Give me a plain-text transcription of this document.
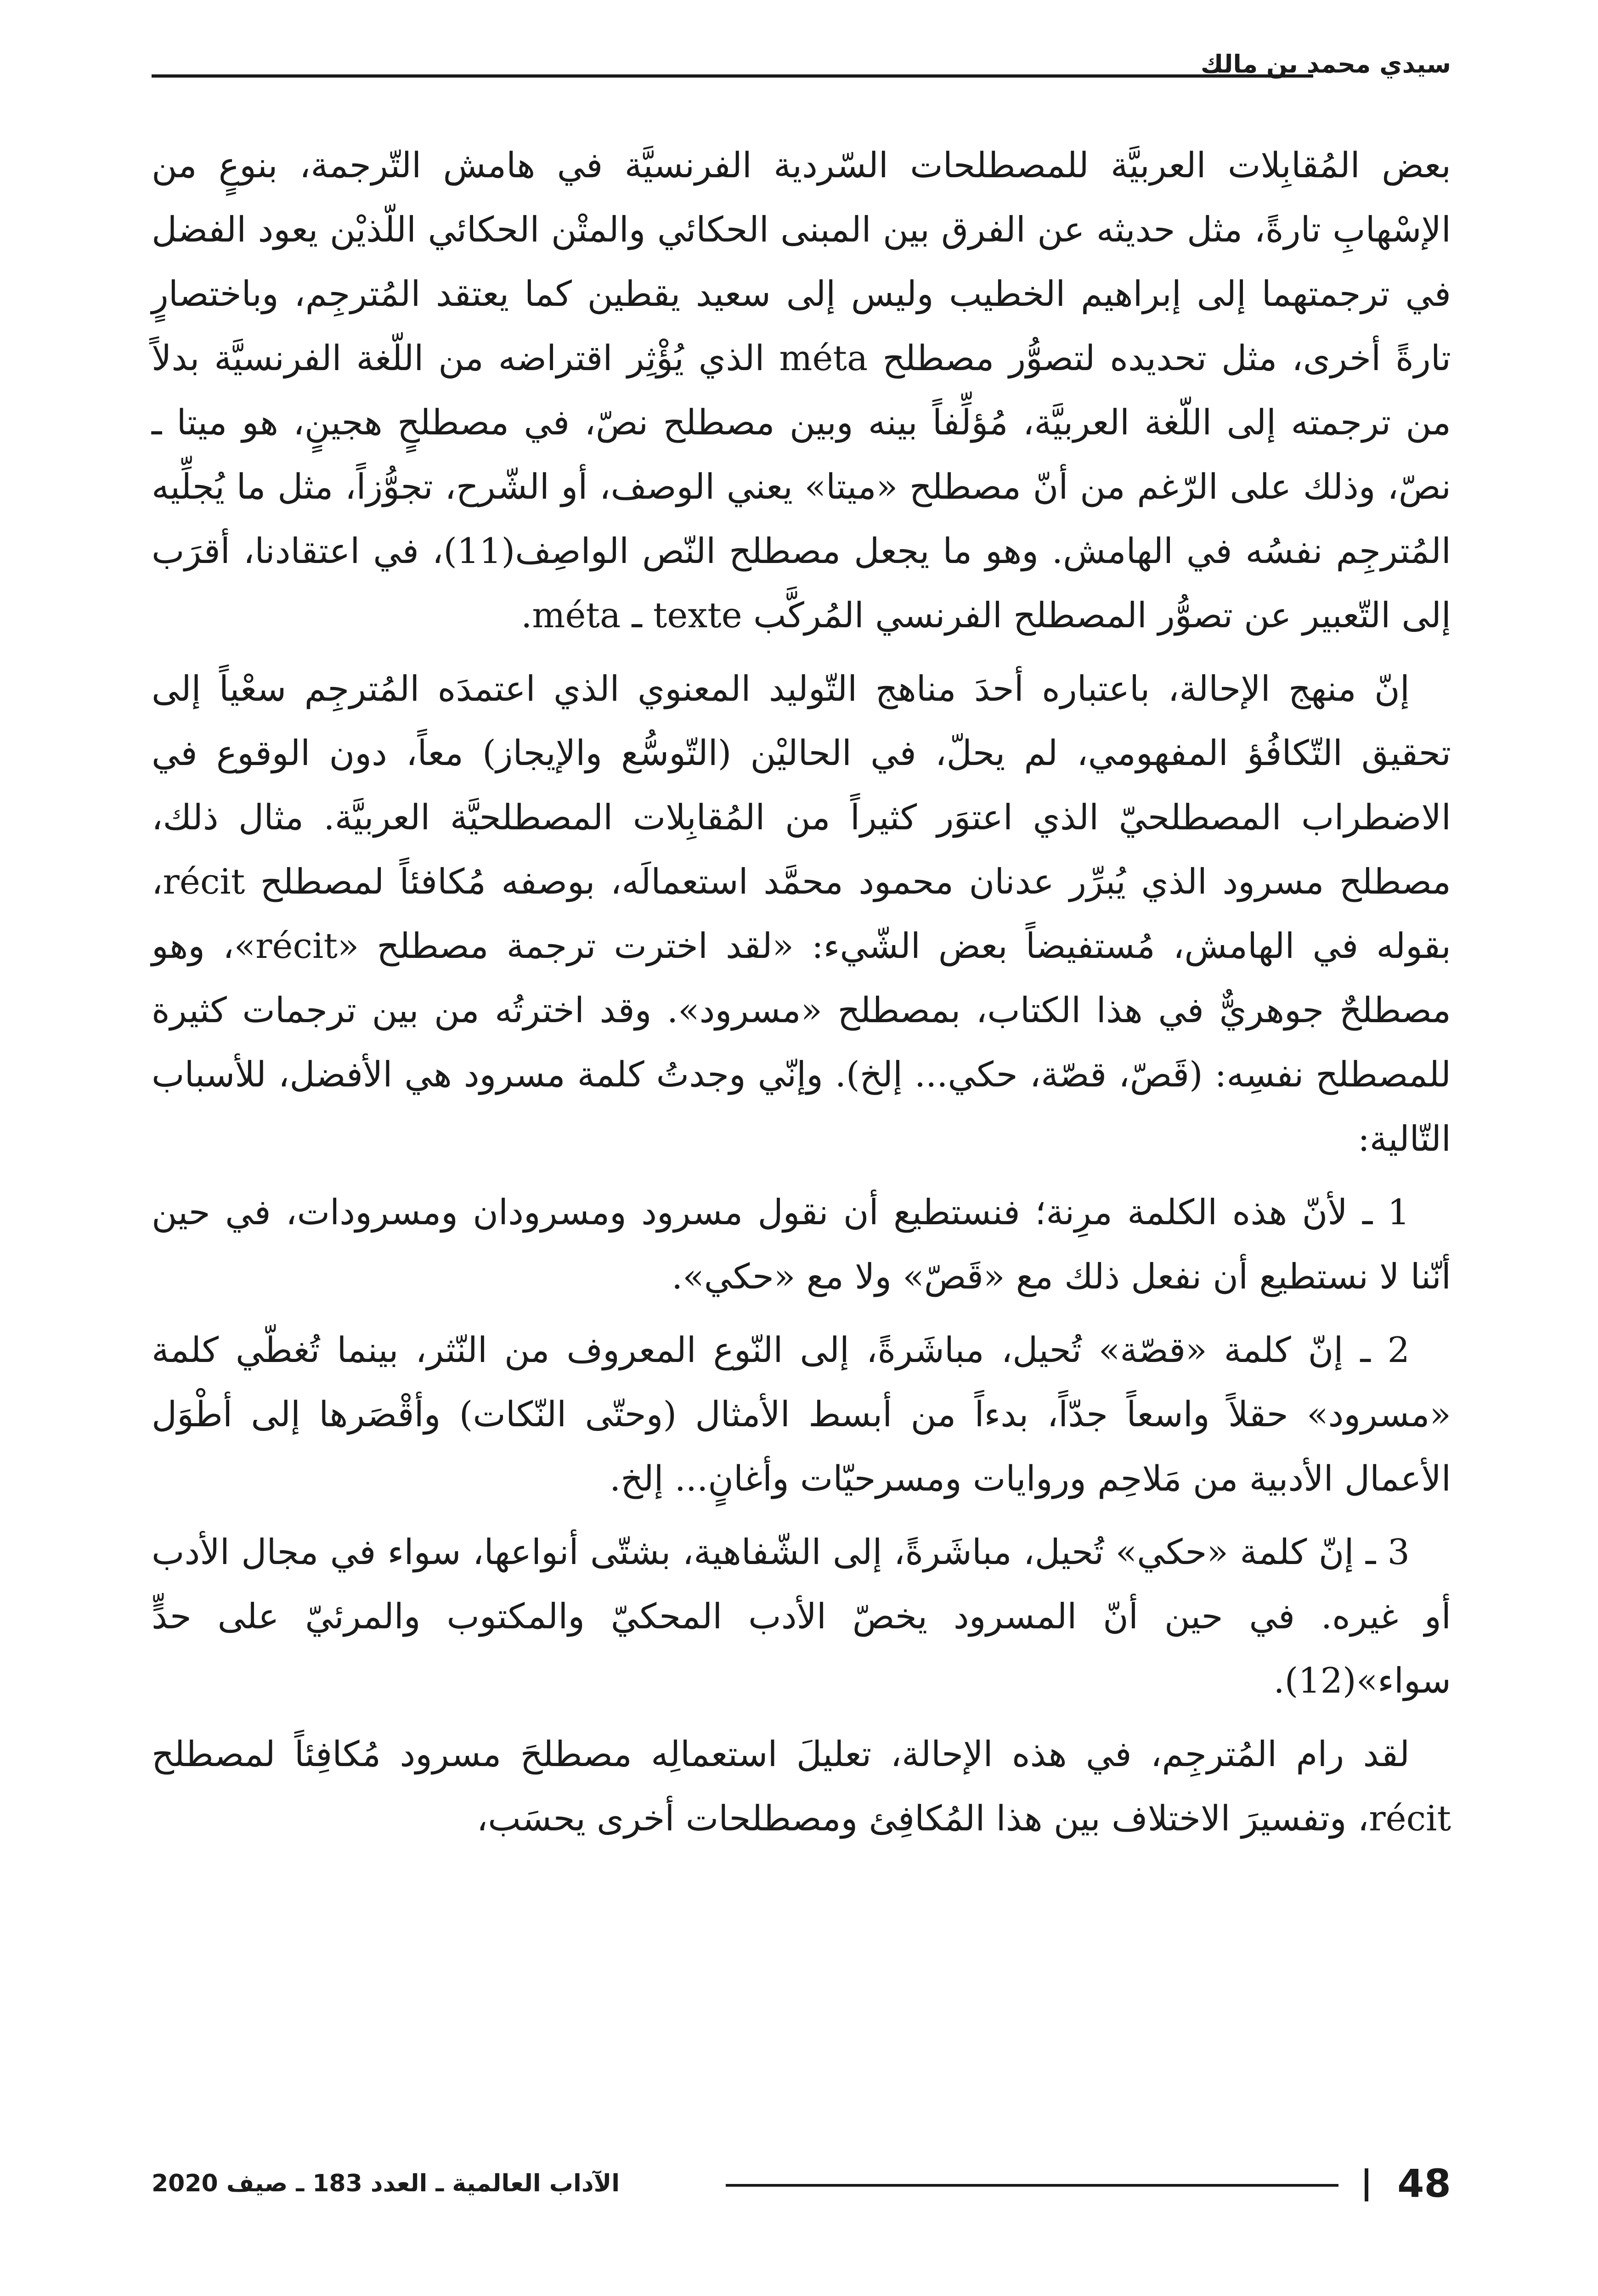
سيدي محمد بن مالك

بعض المُقابِلات العربيَّة للمصطلحات السّردية الفرنسيَّة في هامش التّرجمة، بنوعٍ من الإسْهابِ تارةً، مثل حديثه عن الفرق بين المبنى الحكائي والمتْن الحكائي اللّذيْن يعود الفضل في ترجمتهما إلى إبراهيم الخطيب وليس إلى سعيد يقطين كما يعتقد المُترجِم، وباختصارٍ تارةً أخرى، مثل تحديده لتصوُّر مصطلح méta الذي يُؤْثِر اقتراضه من اللّغة الفرنسيَّة بدلاً من ترجمته إلى اللّغة العربيَّة، مُؤلِّفاً بينه وبين مصطلح نصّ، في مصطلحٍ هجينٍ، هو ميتا ـ نصّ، وذلك على الرّغم من أنّ مصطلح «ميتا» يعني الوصف، أو الشّرح، تجوُّزاً، مثل ما يُجلِّيه المُترجِم نفسُه في الهامش. وهو ما يجعل مصطلح النّص الواصِف(11)، في اعتقادنا، أقرَب إلى التّعبير عن تصوُّر المصطلح الفرنسي المُركَّب texte ـ méta.

إنّ منهج الإحالة، باعتباره أحدَ مناهج التّوليد المعنوي الذي اعتمدَه المُترجِم سعْياً إلى تحقيق التّكافُؤ المفهومي، لم يحلّ، في الحاليْن (التّوسُّع والإيجاز) معاً، دون الوقوع في الاضطراب المصطلحيّ الذي اعتوَر كثيراً من المُقابِلات المصطلحيَّة العربيَّة. مثال ذلك، مصطلح مسرود الذي يُبرِّر عدنان محمود محمَّد استعمالَه، بوصفه مُكافئاً لمصطلح récit، بقوله في الهامش، مُستفيضاً بعض الشّيء: «لقد اخترت ترجمة مصطلح «récit»، وهو مصطلحٌ جوهريٌّ في هذا الكتاب، بمصطلح «مسرود». وقد اخترتُه من بين ترجمات كثيرة للمصطلح نفسِه: (قَصّ، قصّة، حكي... إلخ). وإنّي وجدتُ كلمة مسرود هي الأفضل، للأسباب التّالية:

1 ـ لأنّ هذه الكلمة مرِنة؛ فنستطيع أن نقول مسرود ومسرودان ومسرودات، في حين أنّنا لا نستطيع أن نفعل ذلك مع «قَصّ» ولا مع «حكي».

2 ـ إنّ كلمة «قصّة» تُحيل، مباشَرةً، إلى النّوع المعروف من النّثر، بينما تُغطّي كلمة «مسرود» حقلاً واسعاً جدّاً، بدءاً من أبسط الأمثال (وحتّى النّكات) وأقْصَرها إلى أطْوَل الأعمال الأدبية من مَلاحِم وروايات ومسرحيّات وأغانٍ... إلخ.

3 ـ إنّ كلمة «حكي» تُحيل، مباشَرةً، إلى الشّفاهية، بشتّى أنواعها، سواء في مجال الأدب أو غيره. في حين أنّ المسرود يخصّ الأدب المحكيّ والمكتوب والمرئيّ على حدٍّ سواء»(12).

لقد رام المُترجِم، في هذه الإحالة، تعليلَ استعمالِه مصطلحَ مسرود مُكافِئاً لمصطلح récit، وتفسيرَ الاختلاف بين هذا المُكافِئ ومصطلحات أخرى يحسَب،

48
الآداب العالمية ـ العدد 183 ـ صيف 2020
